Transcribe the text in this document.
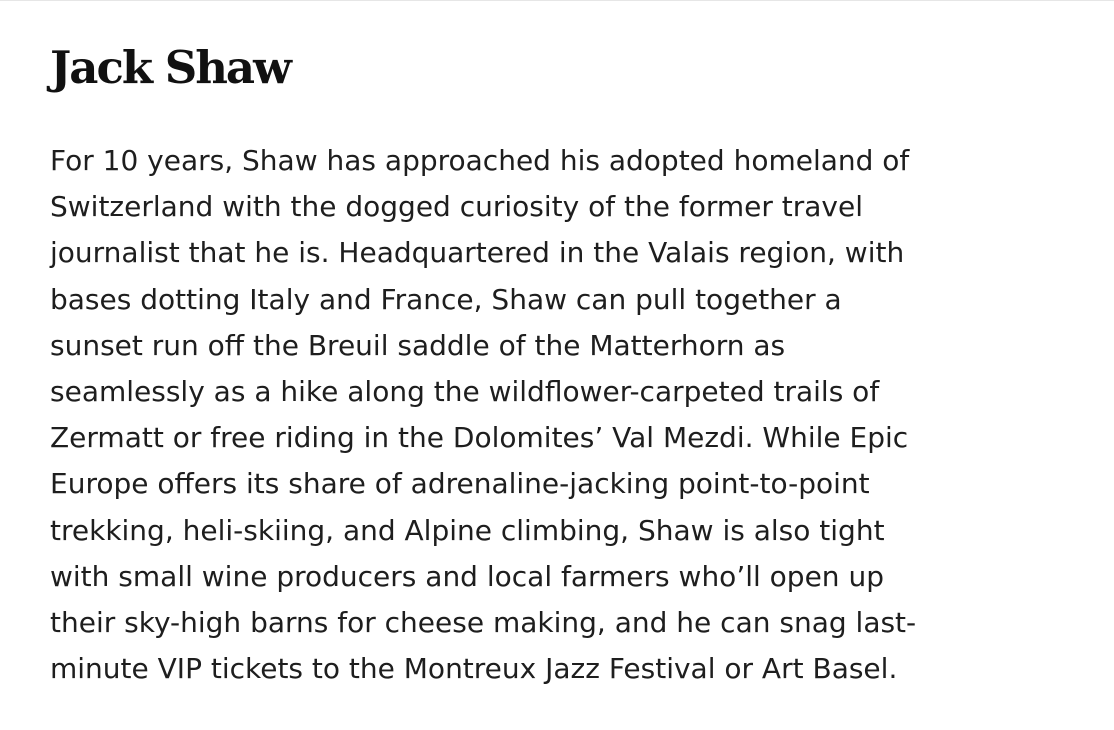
Jack Shaw

For 10 years, Shaw has approached his adopted homeland of
Switzerland with the dogged curiosity of the former travel
journalist that he is. Headquartered in the Valais region, with
bases dotting Italy and France, Shaw can pull together a
sunset run off the Breuil saddle of the Matterhorn as
seamlessly as a hike along the wildflower-carpeted trails of
Zermatt or free riding in the Dolomites’ Val Mezdi. While Epic
Europe offers its share of adrenaline-jacking point-to-point
trekking, heli-skiing, and Alpine climbing, Shaw is also tight
with small wine producers and local farmers who’ll open up
their sky-high barns for cheese making, and he can snag last-
minute VIP tickets to the Montreux Jazz Festival or Art Basel.
